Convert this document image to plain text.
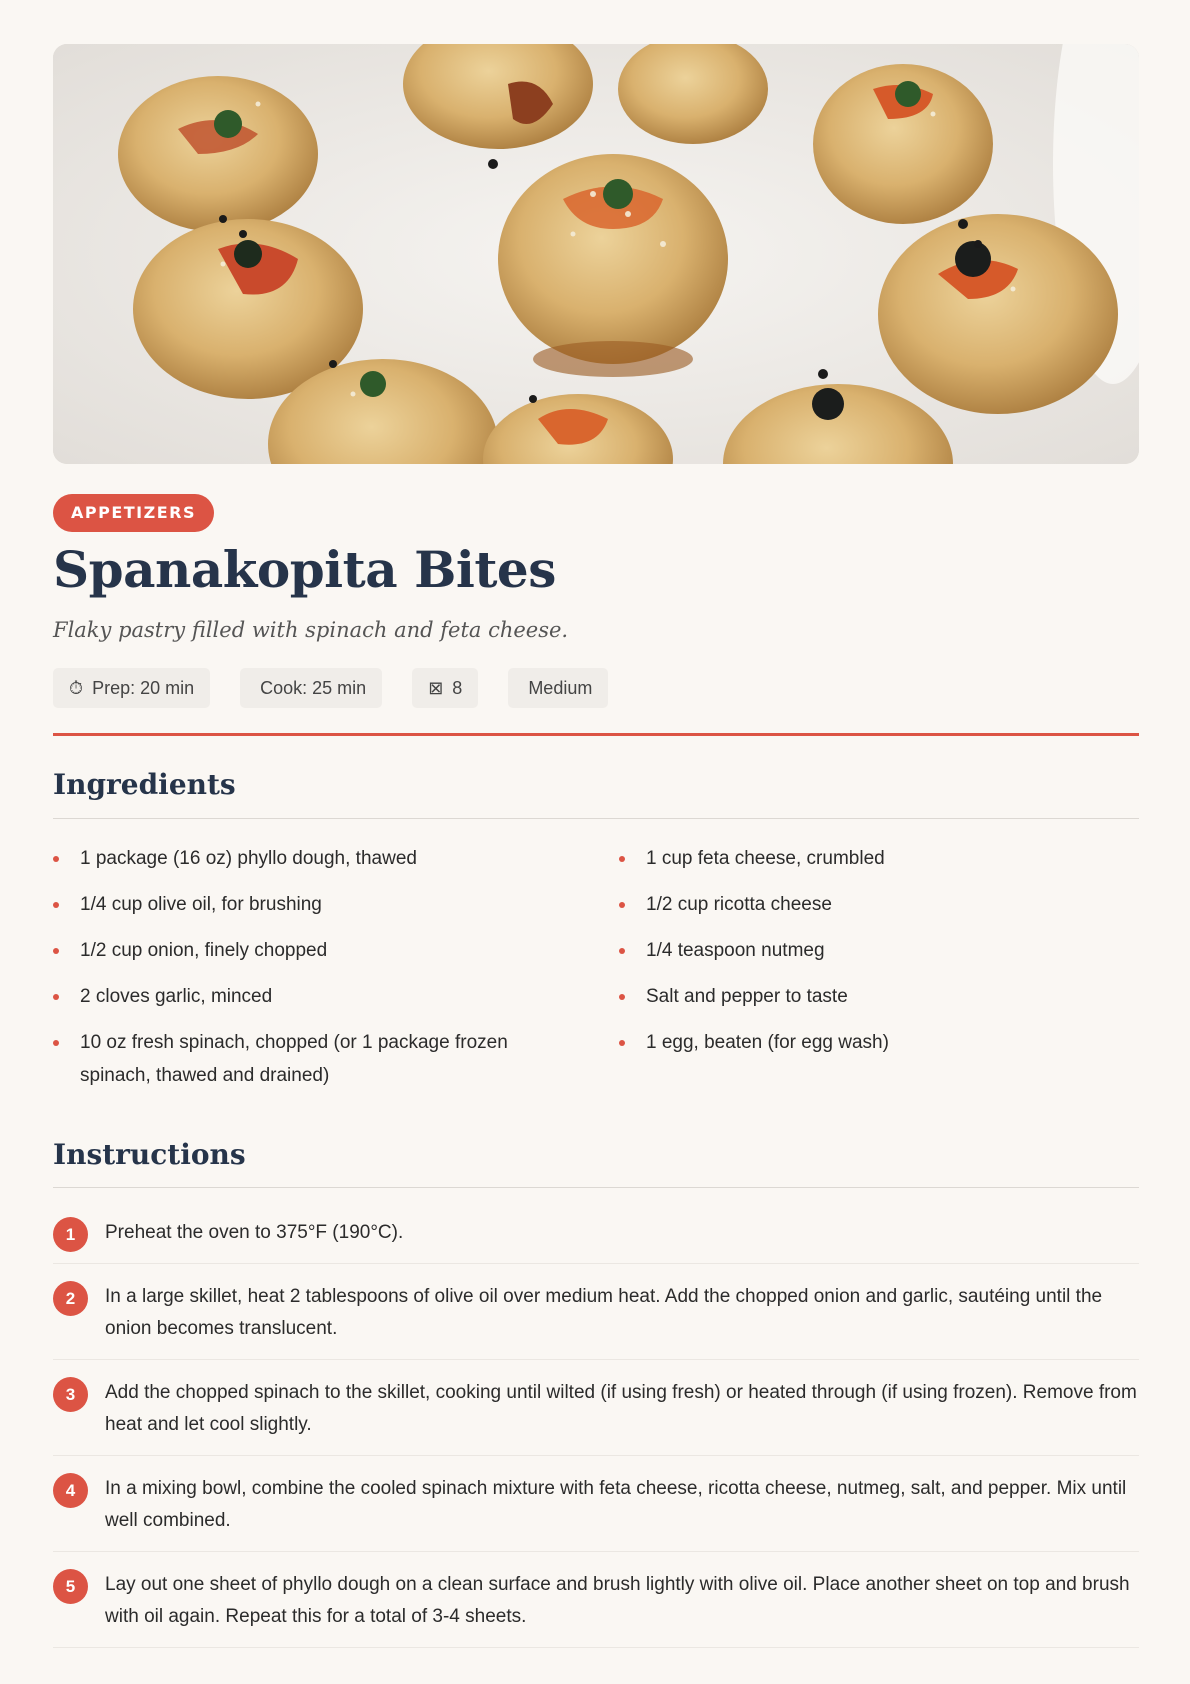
APPETIZERS
Spanakopita Bites

Flaky pastry filled with spinach and feta cheese.

⏱ Prep: 20 min	Cook: 25 min	⊠ 8	Medium
Ingredients
1 package (16 oz) phyllo dough, thawed
1/4 cup olive oil, for brushing
1/2 cup onion, finely chopped
2 cloves garlic, minced
10 oz fresh spinach, chopped (or 1 package frozen spinach, thawed and drained)
1 cup feta cheese, crumbled
1/2 cup ricotta cheese
1/4 teaspoon nutmeg
Salt and pepper to taste
1 egg, beaten (for egg wash)
Instructions
1	Preheat the oven to 375°F (190°C).
2	In a large skillet, heat 2 tablespoons of olive oil over medium heat. Add the chopped onion and garlic, sautéing until the onion becomes translucent.
3	Add the chopped spinach to the skillet, cooking until wilted (if using fresh) or heated through (if using frozen). Remove from heat and let cool slightly.
4	In a mixing bowl, combine the cooled spinach mixture with feta cheese, ricotta cheese, nutmeg, salt, and pepper. Mix until well combined.
5	Lay out one sheet of phyllo dough on a clean surface and brush lightly with olive oil. Place another sheet on top and brush with oil again. Repeat this for a total of 3-4 sheets.
